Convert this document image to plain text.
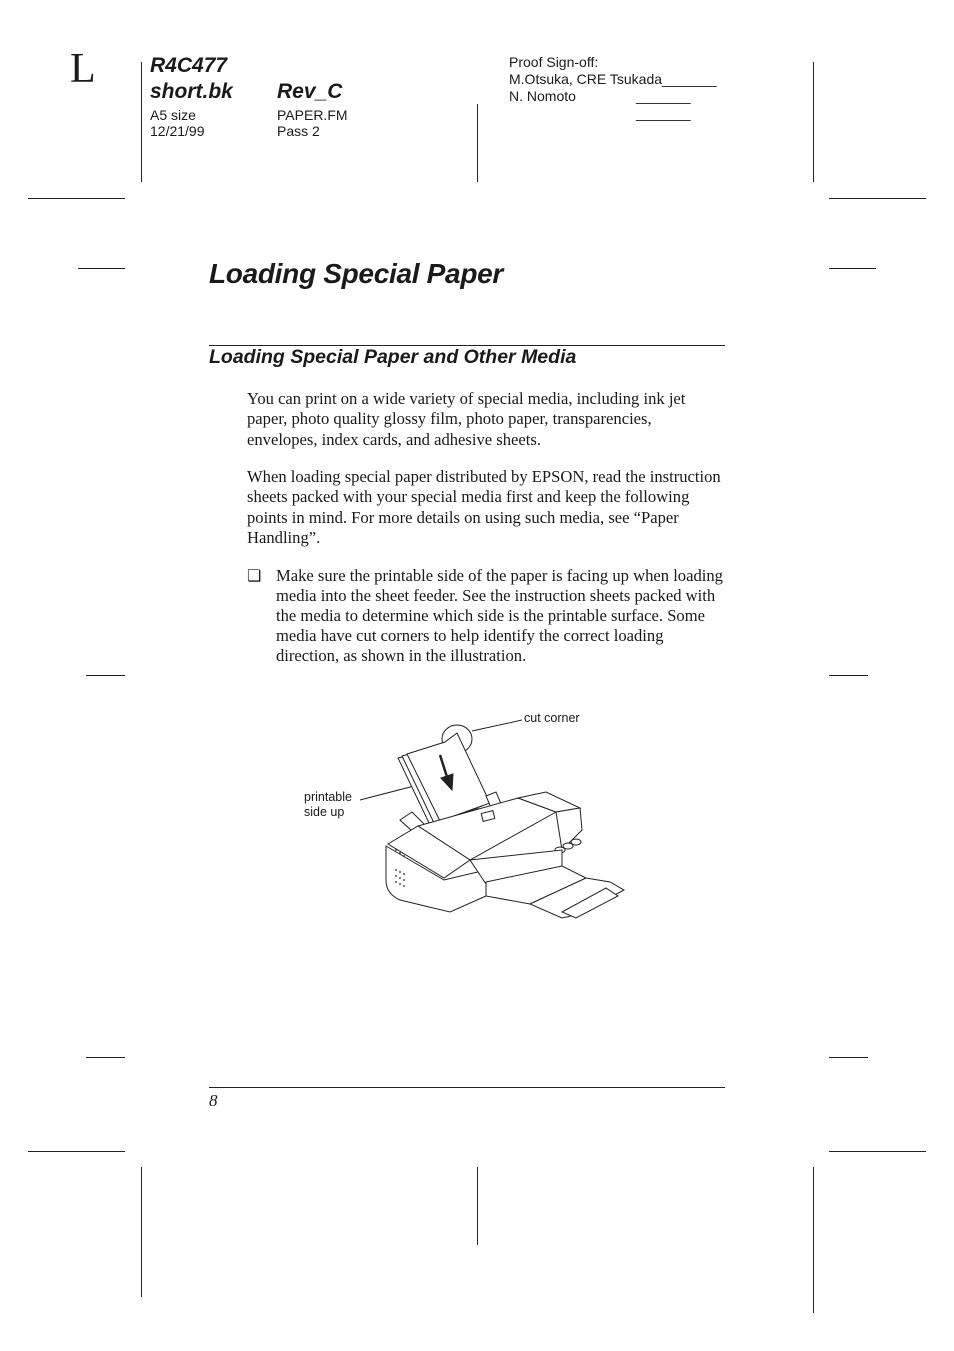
L	R4C477
short.bk Rev_C
A5 size
12/21/99
PAPER.FM
Pass 2
Proof Sign-off:
M.Otsuka, CRE Tsukada_______
N. Nomoto	_______
_______
Loading Special Paper
Loading Special Paper and Other Media
You can print on a wide variety of special media, including ink jet paper, photo quality glossy film, photo paper, transparencies, envelopes, index cards, and adhesive sheets.
When loading special paper distributed by EPSON, read the instruction sheets packed with your special media first and keep the following points in mind. For more details on using such media, see “Paper Handling”.
❏ Make sure the printable side of the paper is facing up when loading media into the sheet feeder. See the instruction sheets packed with the media to determine which side is the printable surface. Some media have cut corners to help identify the correct loading direction, as shown in the illustration.
cut corner
printable
side up
8
